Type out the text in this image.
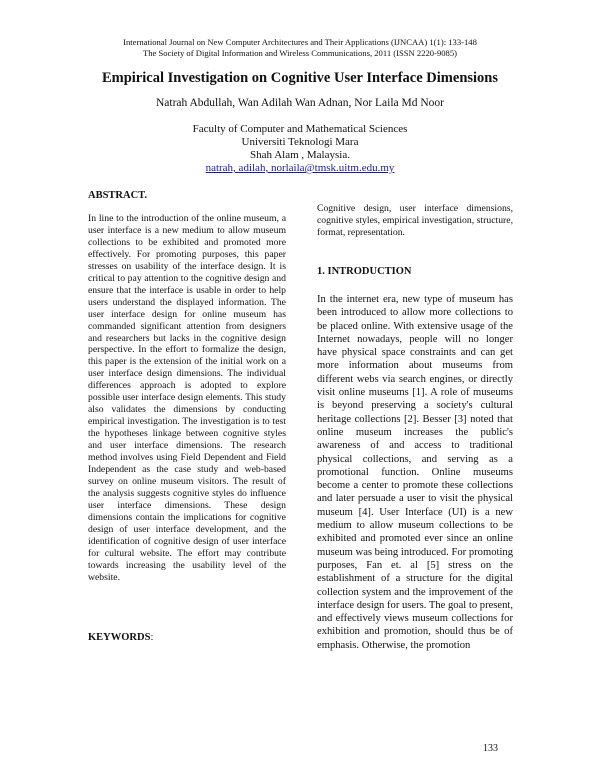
International Journal on New Computer Architectures and Their Applications (IJNCAA) 1(1): 133-148
The Society of Digital Information and Wireless Communications, 2011 (ISSN 2220-9085)
Empirical Investigation on Cognitive User Interface Dimensions
Natrah Abdullah, Wan Adilah Wan Adnan, Nor Laila Md Noor
Faculty of Computer and Mathematical Sciences
Universiti Teknologi Mara
Shah Alam , Malaysia.
natrah, adilah, norlaila@tmsk.uitm.edu.my
ABSTRACT.
In line to the introduction of the online museum, a user interface is a new medium to allow museum collections to be exhibited and promoted more effectively. For promoting purposes, this paper stresses on usability of the interface design. It is critical to pay attention to the cognitive design and ensure that the interface is usable in order to help users understand the displayed information. The user interface design for online museum has commanded significant attention from designers and researchers but lacks in the cognitive design perspective. In the effort to formalize the design, this paper is the extension of the initial work on a user interface design dimensions. The individual differences approach is adopted to explore possible user interface design elements. This study also validates the dimensions by conducting empirical investigation. The investigation is to test the hypotheses linkage between cognitive styles and user interface dimensions. The research method involves using Field Dependent and Field Independent as the case study and web-based survey on online museum visitors. The result of the analysis suggests cognitive styles do influence user interface dimensions. These design dimensions contain the implications for cognitive design of user interface development, and the identification of cognitive design of user interface for cultural website. The effort may contribute towards increasing the usability level of the website.
KEYWORDS:
Cognitive design, user interface dimensions, cognitive styles, empirical investigation, structure, format, representation.
1. INTRODUCTION
In the internet era, new type of museum has been introduced to allow more collections to be placed online. With extensive usage of the Internet nowadays, people will no longer have physical space constraints and can get more information about museums from different webs via search engines, or directly visit online museums [1]. A role of museums is beyond preserving a society's cultural heritage collections [2]. Besser [3] noted that online museum increases the public's awareness of and access to traditional physical collections, and serving as a promotional function. Online museums become a center to promote these collections and later persuade a user to visit the physical museum [4]. User Interface (UI) is a new medium to allow museum collections to be exhibited and promoted ever since an online museum was being introduced. For promoting purposes, Fan et. al [5] stress on the establishment of a structure for the digital collection system and the improvement of the interface design for users. The goal to present, and effectively views museum collections for exhibition and promotion, should thus be of emphasis. Otherwise, the promotion
133
